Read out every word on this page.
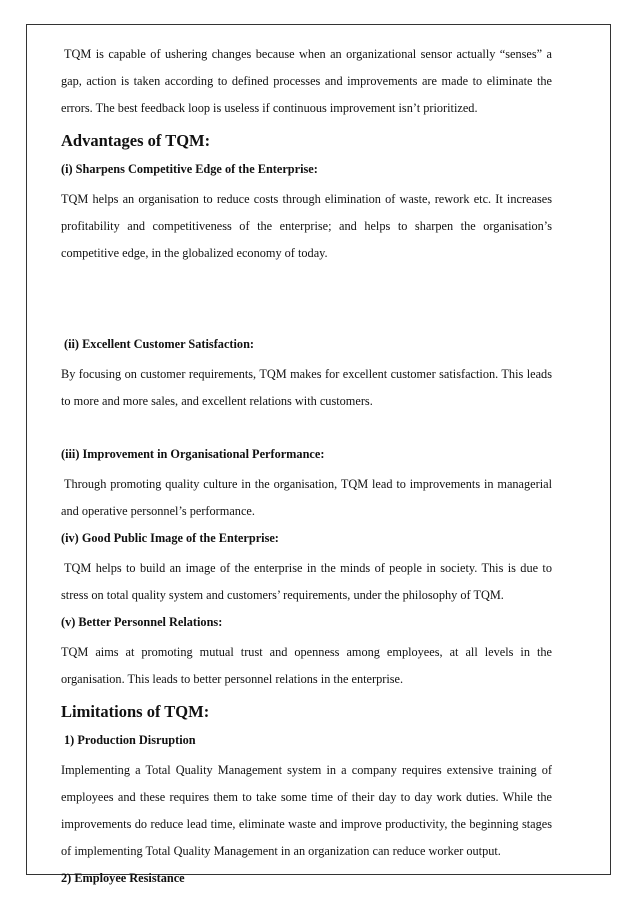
TQM is capable of ushering changes because when an organizational sensor actually “senses” a gap, action is taken according to defined processes and improvements are made to eliminate the errors. The best feedback loop is useless if continuous improvement isn’t prioritized.

Advantages of TQM:
(i) Sharpens Competitive Edge of the Enterprise:

TQM helps an organisation to reduce costs through elimination of waste, rework etc. It increases profitability and competitiveness of the enterprise; and helps to sharpen the organisation’s competitive edge, in the globalized economy of today.

(ii) Excellent Customer Satisfaction:

By focusing on customer requirements, TQM makes for excellent customer satisfaction. This leads to more and more sales, and excellent relations with customers.

(iii) Improvement in Organisational Performance:

Through promoting quality culture in the organisation, TQM lead to improvements in managerial and operative personnel’s performance.

(iv) Good Public Image of the Enterprise:

TQM helps to build an image of the enterprise in the minds of people in society. This is due to stress on total quality system and customers’ requirements, under the philosophy of TQM.

(v) Better Personnel Relations:

TQM aims at promoting mutual trust and openness among employees, at all levels in the organisation. This leads to better personnel relations in the enterprise.

Limitations of TQM:
1) Production Disruption

Implementing a Total Quality Management system in a company requires extensive training of employees and these requires them to take some time of their day to day work duties. While the improvements do reduce lead time, eliminate waste and improve productivity, the beginning stages of implementing Total Quality Management in an organization can reduce worker output.

2) Employee Resistance
